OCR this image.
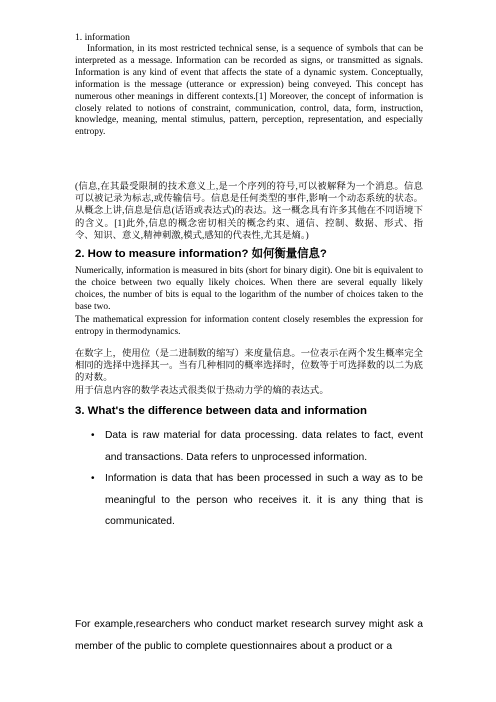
1. information
Information, in its most restricted technical sense, is a sequence of symbols that can be interpreted as a message. Information can be recorded as signs, or transmitted as signals. Information is any kind of event that affects the state of a dynamic system. Conceptually, information is the message (utterance or expression) being conveyed. This concept has numerous other meanings in different contexts.[1] Moreover, the concept of information is closely related to notions of constraint, communication, control, data, form, instruction, knowledge, meaning, mental stimulus, pattern, perception, representation, and especially entropy.
(信息,在其最受限制的技术意义上,是一个序列的符号,可以被解释为一个消息。信息可以被记录为标志,或传输信号。信息是任何类型的事件,影响一个动态系统的状态。从概念上讲,信息是信息(话语或表达式)的表达。这一概念具有许多其他在不同语境下的含义。[1]此外,信息的概念密切相关的概念约束、通信、控制、数据、形式、指令、知识、意义,精神刺激,模式,感知的代表性,尤其是熵。)
2. How to measure information? 如何衡量信息?
Numerically, information is measured in bits (short for binary digit). One bit is equivalent to the choice between two equally likely choices. When there are several equally likely choices, the number of bits is equal to the logarithm of the number of choices taken to the base two.
The mathematical expression for information content closely resembles the expression for entropy in thermodynamics.
在数字上，使用位（是二进制数的缩写）来度量信息。一位表示在两个发生概率完全相同的选择中选择其一。当有几种相同的概率选择时，位数等于可选择数的以二为底的对数。
用于信息内容的数学表达式很类似于热动力学的熵的表达式。
3. What's the difference between data and information
• Data is raw material for data processing. data relates to fact, event and transactions. Data refers to unprocessed information.
• Information is data that has been processed in such a way as to be meaningful to the person who receives it. it is any thing that is communicated.
For example,researchers who conduct market research survey might ask a member of the public to complete questionnaires about a product or a
